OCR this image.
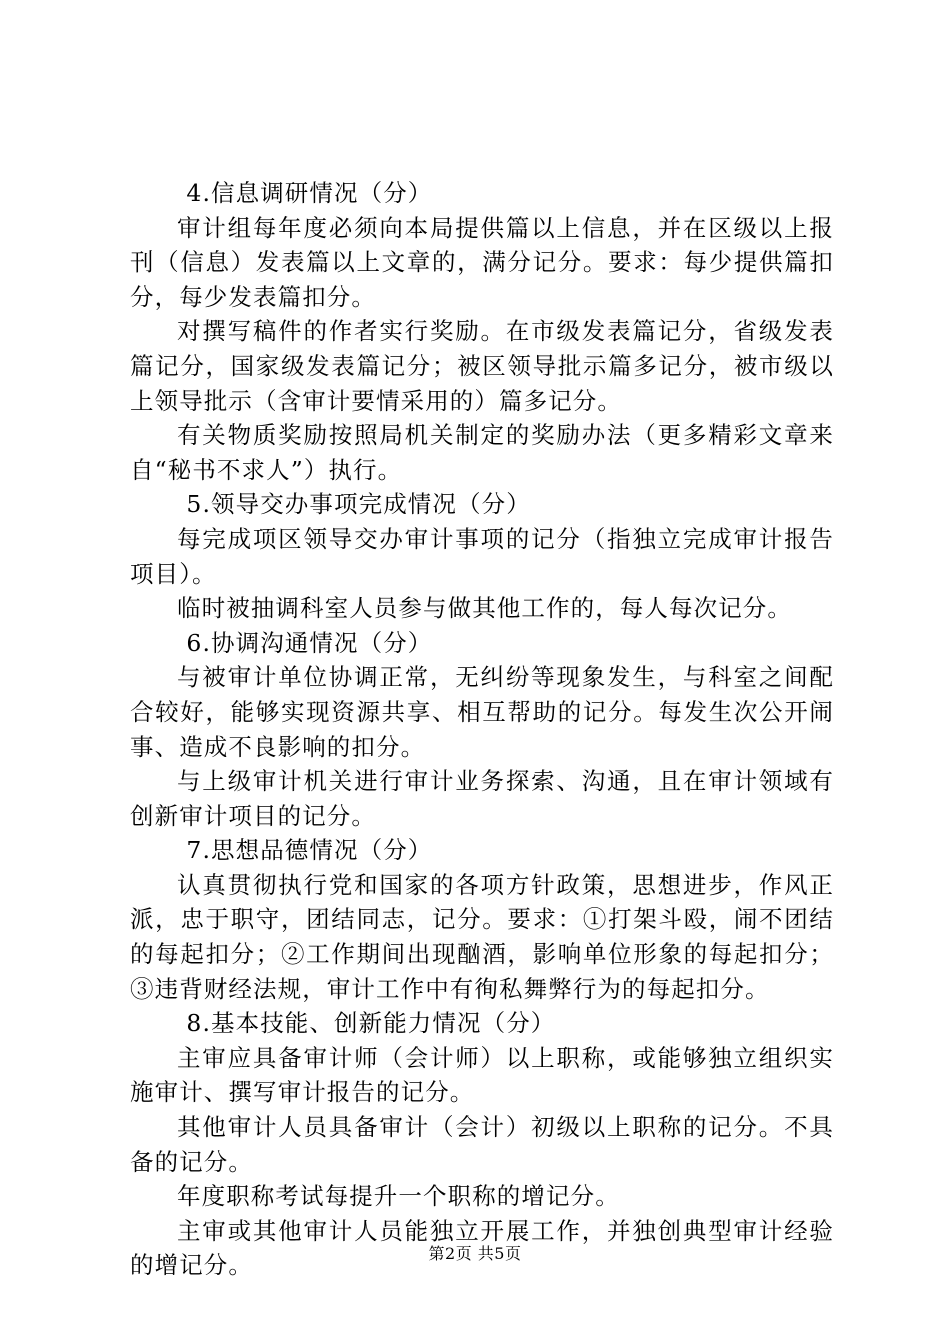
4.信息调研情况（分）

审计组每年度必须向本局提供篇以上信息，并在区级以上报刊（信息）发表篇以上文章的，满分记分。要求：每少提供篇扣分，每少发表篇扣分。

对撰写稿件的作者实行奖励。在市级发表篇记分，省级发表篇记分，国家级发表篇记分；被区领导批示篇多记分，被市级以上领导批示（含审计要情采用的）篇多记分。

有关物质奖励按照局机关制定的奖励办法（更多精彩文章来自“秘书不求人”）执行。

5.领导交办事项完成情况（分）

每完成项区领导交办审计事项的记分（指独立完成审计报告项目）。

临时被抽调科室人员参与做其他工作的，每人每次记分。

6.协调沟通情况（分）

与被审计单位协调正常，无纠纷等现象发生，与科室之间配合较好，能够实现资源共享、相互帮助的记分。每发生次公开闹事、造成不良影响的扣分。

与上级审计机关进行审计业务探索、沟通，且在审计领域有创新审计项目的记分。

7.思想品德情况（分）

认真贯彻执行党和国家的各项方针政策，思想进步，作风正派，忠于职守，团结同志，记分。要求：①打架斗殴，闹不团结的每起扣分；②工作期间出现酗酒，影响单位形象的每起扣分；③违背财经法规，审计工作中有徇私舞弊行为的每起扣分。

8.基本技能、创新能力情况（分）

主审应具备审计师（会计师）以上职称，或能够独立组织实施审计、撰写审计报告的记分。

其他审计人员具备审计（会计）初级以上职称的记分。不具备的记分。

年度职称考试每提升一个职称的增记分。

主审或其他审计人员能独立开展工作，并独创典型审计经验的增记分。	第2页 共5页
